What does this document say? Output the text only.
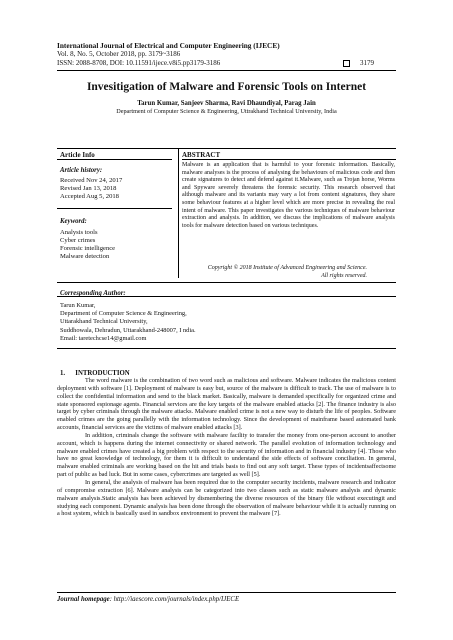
International Journal of Electrical and Computer Engineering (IJECE)
Vol. 8, No. 5, October 2018, pp. 3179~3186
ISSN: 2088-8708, DOI: 10.11591/ijece.v8i5.pp3179-3186	3179
Invesitigation of Malware and Forensic Tools on Internet
Tarun Kumar, Sanjeev Sharma, Ravi Dhaundiyal, Parag Jain
Department of Computer Science & Engineering, Uttrakhand Technical University, India
Article Info	ABSTRACT
Article history:
Received Nov 24, 2017
Revised Jan 13, 2018
Accepted Aug 5, 2018
Keyword:
Analysis tools
Cyber crimes
Forensic intelligence
Malware detection
Malware is an application that is harmful to your forensic information. Basically, malware analyses is the process of analysing the behaviours of malicious code and then create signatures to detect and defend against it.Malware, such as Trojan horse, Worms and Spyware severely threatens the forensic security. This research observed that although malware and its variants may vary a lot from content signatures, they share some behaviour features at a higher level which are more precise in revealing the real intent of malware. This paper investigates the various techniques of malware behaviour extraction and analysis. In addition, we discuss the implications of malware analysis tools for malware detection based on various techniques.
Copyright © 2018 Institute of Advanced Engineering and Science.
All rights reserved.
Corresponding Author:
Tarun Kumar,
Department of Computer Science & Engineering,
Uttarakhand Technical University,
Suddhowala, Dehradun, Uttarakhand-248007, I ndia.
Email: taretechcse14@gmail.com
1.      INTRODUCTION

The word malware is the combination of two word such as malicious and software. Malware indicates the malicious content deployment with software [1]. Deployment of malware is easy but, source of the malware is difficult to track. The use of malware is to collect the confidential information and send to the black market. Basically, malware is demanded specifically for organized crime and state sponsored espionage agents. Financial services are the key targets of the malware enabled attacks [2]. The finance industry is also target by cyber criminals through the malware attacks. Malware enabled crime is not a new way to disturb the life of peoples. Software enabled crimes are the going parallelly with the information technology. Since the development of mainframe based automated bank accounts, financial services are the victims of malware enabled attacks [3].

In addition, criminals change the software with malware facility to transfer the money from one-person account to another account, which is happens during the internet connectivity or shared network. The parallel evolution of information technology and malware enabled crimes have created a big problem with respect to the security of information and in financial industry [4]. Those who have no great knowledge of technology, for them it is difficult to understand the side effects of software conciliation. In general, malware enabled criminals are working based on the hit and trials basis to find out any soft target. These types of incidentsaffectsome part of public as bad luck. But in some cases, cybercrimes are targeted as well [5].

In general, the analysis of malware has been required due to the computer security incidents, malware research and indicator of compromise extraction [6]. Malware analysis can be categorized into two classes such as static malware analysis and dynamic malware analysis.Static analysis has been achieved by dismembering the diverse resources of the binary file without executingit and studying each component. Dynamic analysis has been done through the observation of malware behaviour while it is actually running on a host system, which is basically used in sandbox environment to prevent the malware [7].

Journal homepage: http://iaescore.com/journals/index.php/IJECE
